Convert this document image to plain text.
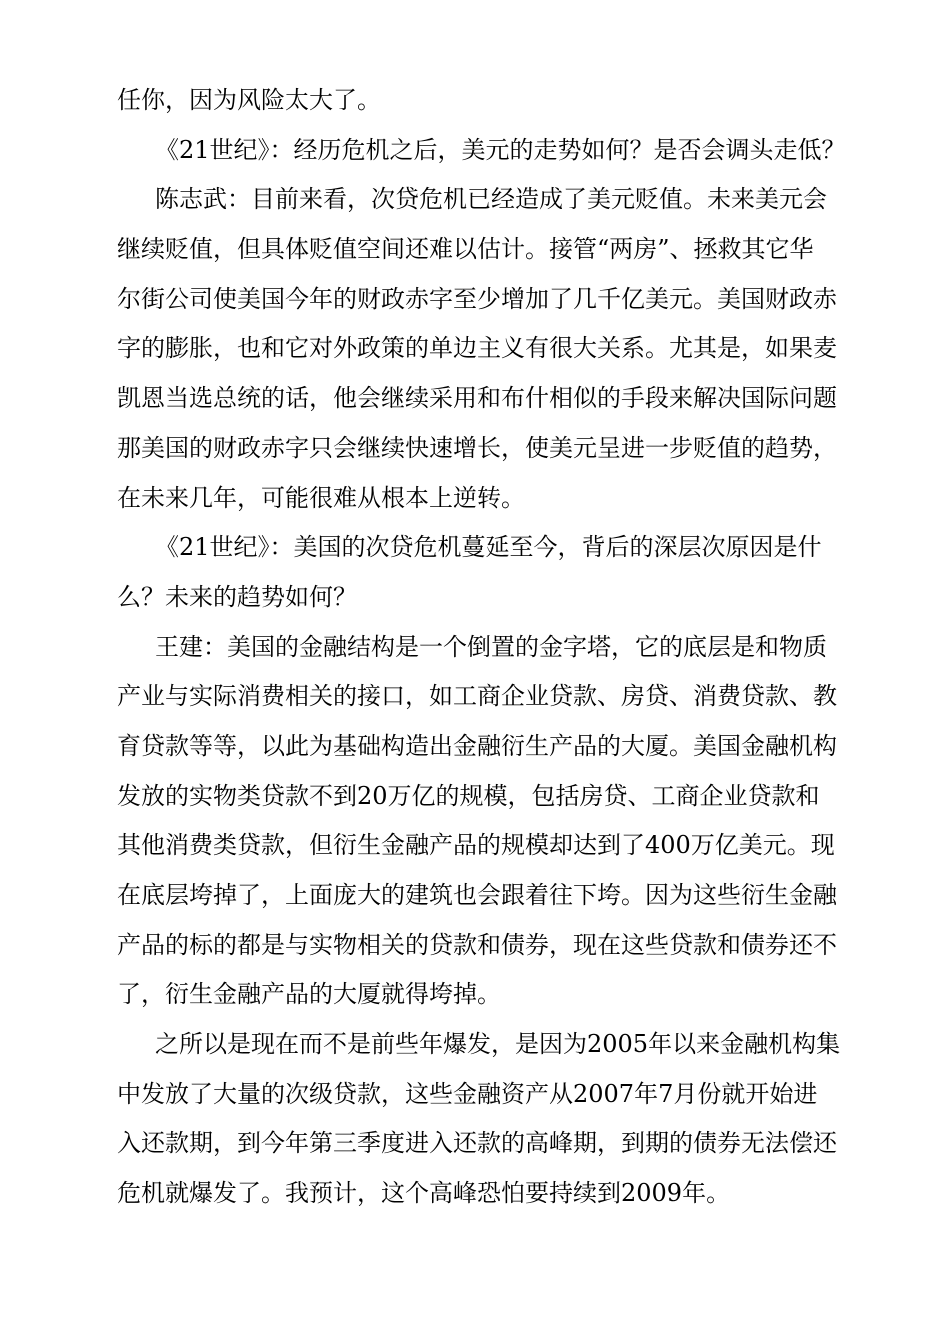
任你，因为风险太大了。
《21世纪》：经历危机之后，美元的走势如何？是否会调头走低？
陈志武：目前来看，次贷危机已经造成了美元贬值。未来美元会
继续贬值，但具体贬值空间还难以估计。接管“两房”、拯救其它华
尔街公司使美国今年的财政赤字至少增加了几千亿美元。美国财政赤
字的膨胀，也和它对外政策的单边主义有很大关系。尤其是，如果麦
凯恩当选总统的话，他会继续采用和布什相似的手段来解决国际问题
那美国的财政赤字只会继续快速增长，使美元呈进一步贬值的趋势，
在未来几年，可能很难从根本上逆转。
《21世纪》：美国的次贷危机蔓延至今，背后的深层次原因是什
么？未来的趋势如何？
王建：美国的金融结构是一个倒置的金字塔，它的底层是和物质
产业与实际消费相关的接口，如工商企业贷款、房贷、消费贷款、教
育贷款等等，以此为基础构造出金融衍生产品的大厦。美国金融机构
发放的实物类贷款不到20万亿的规模，包括房贷、工商企业贷款和
其他消费类贷款，但衍生金融产品的规模却达到了400万亿美元。现
在底层垮掉了，上面庞大的建筑也会跟着往下垮。因为这些衍生金融
产品的标的都是与实物相关的贷款和债券，现在这些贷款和债券还不
了，衍生金融产品的大厦就得垮掉。
之所以是现在而不是前些年爆发，是因为2005年以来金融机构集
中发放了大量的次级贷款，这些金融资产从2007年7月份就开始进
入还款期，到今年第三季度进入还款的高峰期，到期的债券无法偿还
危机就爆发了。我预计，这个高峰恐怕要持续到2009年。
